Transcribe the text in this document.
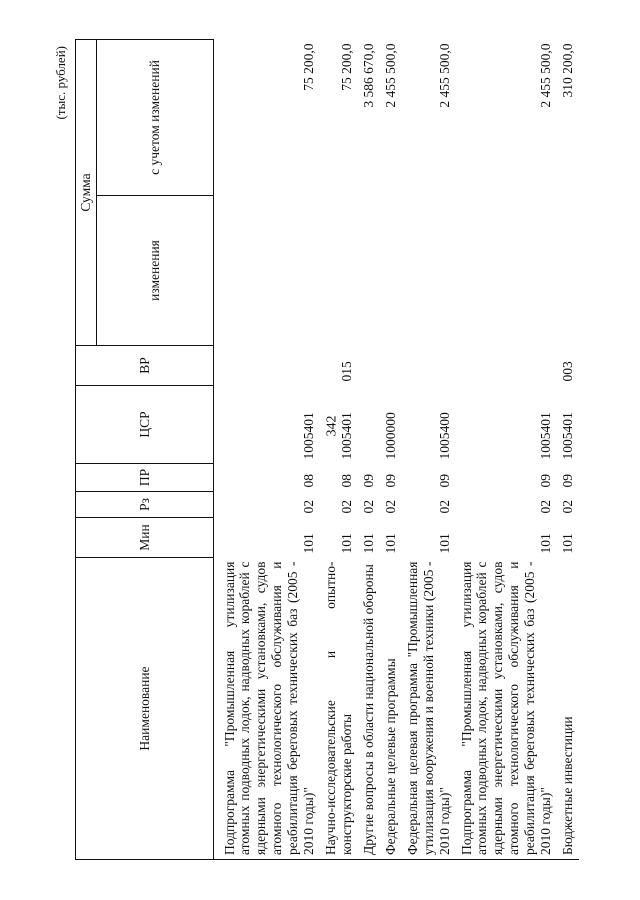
342
(тыс. рублей)
Наименование	Мин	Рз	ПР	ЦСР	ВР	Сумма	
						изменения	с учетом изменений
Подпрограмма "Промышленная утилизация атомных подводных лодок, надводных кораблей с ядерными энергетическими установками, судов атомного технологического обслуживания и реабилитация береговых технических баз (2005 - 2010 годы)"	101	02	08	1005401			75 200,0
Научно-исследовательские и опытно-конструкторские работы	101	02	08	1005401	015		75 200,0
Другие вопросы в области национальной обороны	101	02	09				3 586 670,0
Федеральные целевые программы	101	02	09	1000000			2 455 500,0
Федеральная целевая программа "Промышленная утилизация вооружения и военной техники (2005 - 2010 годы)"	101	02	09	1005400			2 455 500,0
Подпрограмма "Промышленная утилизация атомных подводных лодок, надводных кораблей с ядерными энергетическими установками, судов атомного технологического обслуживания и реабилитация береговых технических баз (2005 - 2010 годы)"	101	02	09	1005401			2 455 500,0
Бюджетные инвестиции	101	02	09	1005401	003		310 200,0
